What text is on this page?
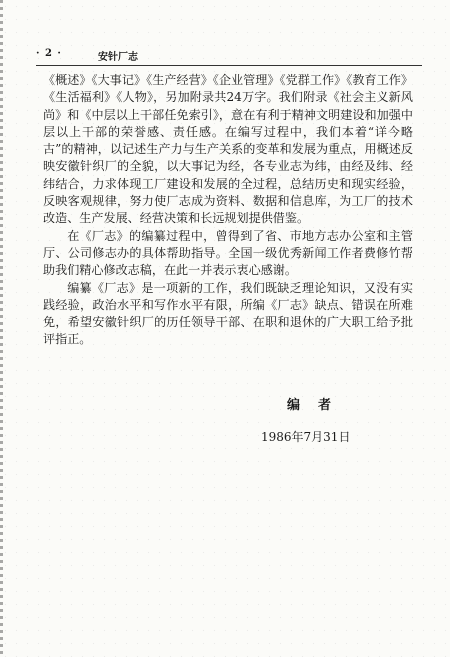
· 2 ·	安针厂志

《概述》《大事记》《生产经营》《企业管理》《党群工作》《教育工作》《生活福利》《人物》，另加附录共24万字。我们附录《社会主义新风尚》和《中层以上干部任免索引》，意在有利于精神文明建设和加强中层以上干部的荣誉感、责任感。在编写过程中，我们本着“详今略古”的精神，以记述生产力与生产关系的变革和发展为重点，用概述反映安徽针织厂的全貌，以大事记为经，各专业志为纬，由经及纬、经纬结合，力求体现工厂建设和发展的全过程，总结历史和现实经验，反映客观规律，努力使厂志成为资料、数据和信息库，为工厂的技术改造、生产发展、经营决策和长远规划提供借鉴。

在《厂志》的编纂过程中，曾得到了省、市地方志办公室和主管厅、公司修志办的具体帮助指导。全国一级优秀新闻工作者费修竹帮助我们精心修改志稿，在此一并表示衷心感谢。

编纂《厂志》是一项新的工作，我们既缺乏理论知识，又没有实践经验，政治水平和写作水平有限，所编《厂志》缺点、错误在所难免，希望安徽针织厂的历任领导干部、在职和退休的广大职工给予批评指正。

编者
1986年7月31日
